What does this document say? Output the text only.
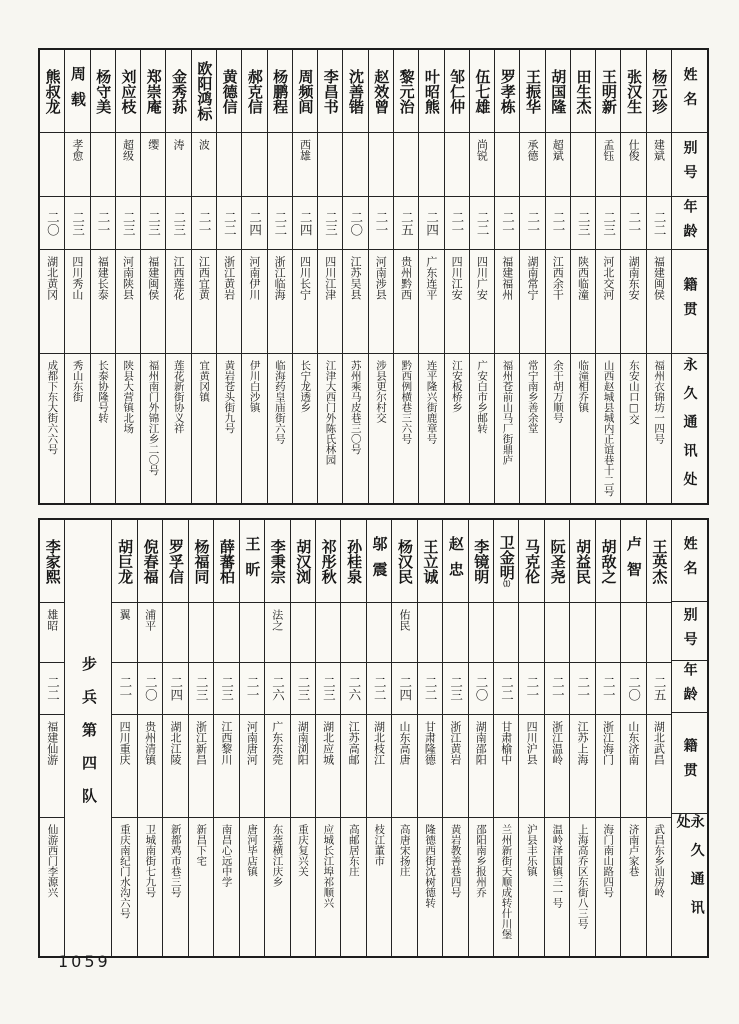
熊叔龙
二〇
湖北黄冈
成都下东大街六六号
周载
孝愈
二三
四川秀山
秀山东街
杨守美
二一
福建长泰
长泰协隆号转
刘应枝
超级
二三
河南陕县
陕县大营镇北场
郑崇庵
缨
二三
福建闽侯
福州南门外锦江乡二〇号
金秀荪
涛
二三
江西莲花
莲花新街协义祥
欧阳鸿标
波
二一
江西宜黄
宜黄冈镇
黄德信
二二
浙江黄岩
黄岩苍头街九号
郝克信
二四
河南伊川
伊川白沙镇
杨鹏程
二二
浙江临海
临海药皇庙街六号
周频闾
西雄
二四
四川长宁
长宁龙透乡
李昌书
二三
四川江津
江津大西门外陈氏林园
沈善锴
二〇
江苏吴县
苏州乘马皮巷三〇号
赵效曾
二一
河南涉县
涉县更尔村交
黎元治
二五
贵州黔西
黔西例横巷三六号
叶昭熊
二四
广东连平
连平隆兴街鹿章号
邹仁仲
二一
四川江安
江安板桥乡
伍七雄
尚锐
二二
四川广安
广安白市乡邮转
罗孝栋
二一
福建福州
福州苍前山马厂街鼎庐
王振华
承德
二一
湖南常宁
常宁南乡善余堂
胡国隆
超斌
二一
江西余干
余干胡万顺号
田生杰
二三
陕西临潼
临潼相乔镇
王明新
孟钰
二三
河北交河
山西赵城县城内正谊巷十二号
张汉生
仕俊
二一
湖南东安
东安山口□交
杨元珍
建斌
二二
福建闽侯
福州衣锦坊一四号
姓名
别号
年龄
籍贯
永久通讯处
李家熙
雄昭
二二
福建仙游
仙游西门李源兴
步兵第四队
胡巨龙
翼
二一
四川重庆
重庆南纪门水沟六号
倪春福
浦平
二〇
贵州清镇
卫城南街七九号
罗孚信
二四
湖北江陵
新都鸡市巷三号
杨福同
二三
浙江新昌
新昌下宅
薛蕃柏
二三
江西黎川
南昌心远中学
王昕
二一
河南唐河
唐河毕店镇
李秉宗
法之
二六
广东东莞
东莞横江庆乡
胡汉浏
二三
湖南浏阳
重庆复兴关
祁彤秋
二三
湖北应城
应城长江埠祁顺兴
孙桂泉
二六
江苏高邮
高邮居东庄
邬震
二二
湖北枝江
枝江董市
杨汉民
佑民
二四
山东高唐
高唐宋扬庄
王立诚
二二
甘肃隆德
隆德西街沈树德转
赵忠
二三
浙江黄岩
黄岩教善巷四号
李镜明
二〇
湖南邵阳
邵阳南乡报州乔
卫金明⑴
二二
甘肃榆中
兰州新街天顺成转什川堡
马克伦
二一
四川沪县
沪县丰乐镇
阮圣尧
二一
浙江温岭
温岭泽国镇三一号
胡益民
二一
江苏上海
上海高乔区东街八三号
胡敌之
二一
浙江海门
海门南山路四号
卢智
二〇
山东济南
济南卢家巷
王英杰
二五
湖北武昌
武昌东乡汕房岭
姓名
别号
年龄
籍贯
永久通讯处
1059
